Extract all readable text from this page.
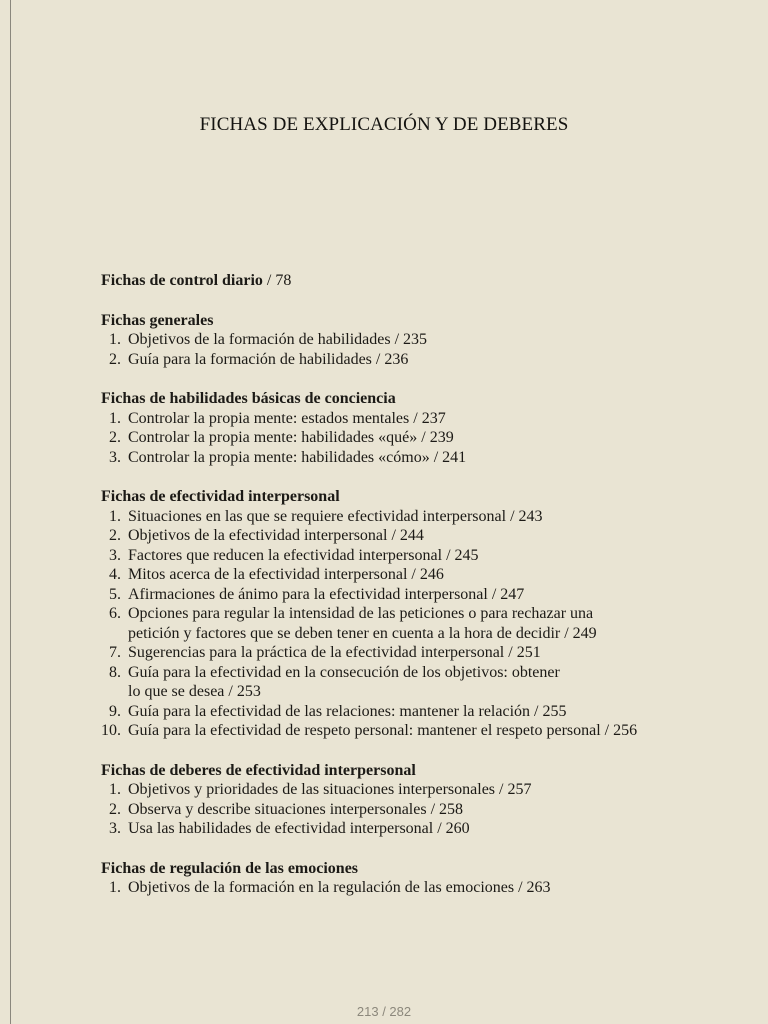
FICHAS DE EXPLICACIÓN Y DE DEBERES
Fichas de control diario / 78
Fichas generales
1. Objetivos de la formación de habilidades / 235
2. Guía para la formación de habilidades / 236
Fichas de habilidades básicas de conciencia
1. Controlar la propia mente: estados mentales / 237
2. Controlar la propia mente: habilidades «qué» / 239
3. Controlar la propia mente: habilidades «cómo» / 241
Fichas de efectividad interpersonal
1. Situaciones en las que se requiere efectividad interpersonal / 243
2. Objetivos de la efectividad interpersonal / 244
3. Factores que reducen la efectividad interpersonal / 245
4. Mitos acerca de la efectividad interpersonal / 246
5. Afirmaciones de ánimo para la efectividad interpersonal / 247
6. Opciones para regular la intensidad de las peticiones o para rechazar una
petición y factores que se deben tener en cuenta a la hora de decidir / 249
7. Sugerencias para la práctica de la efectividad interpersonal / 251
8. Guía para la efectividad en la consecución de los objetivos: obtener
lo que se desea / 253
9. Guía para la efectividad de las relaciones: mantener la relación / 255
10. Guía para la efectividad de respeto personal: mantener el respeto personal / 256
Fichas de deberes de efectividad interpersonal
1. Objetivos y prioridades de las situaciones interpersonales / 257
2. Observa y describe situaciones interpersonales / 258
3. Usa las habilidades de efectividad interpersonal / 260
Fichas de regulación de las emociones
1. Objetivos de la formación en la regulación de las emociones / 263
213 / 282
